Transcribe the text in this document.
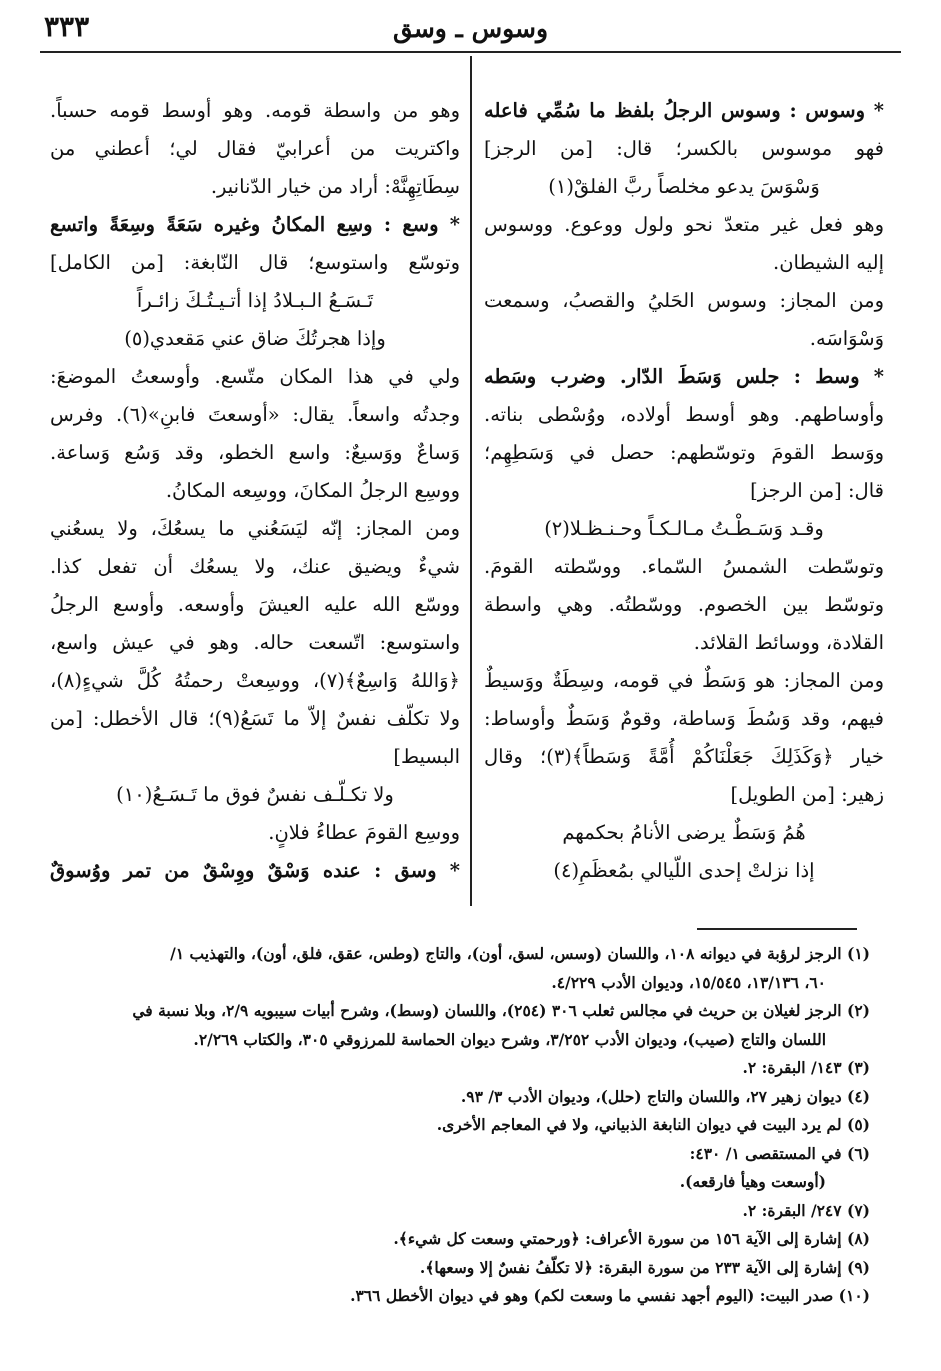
وسوس ـ وسق
٣٣٣
* وسوس : وسوس الرجلُ بلفظ ما سُمِّي فاعله
فهو موسوس بالكسر؛ قال: [من الرجز]
وَسْوَسَ يدعو مخلصاً ربَّ الفلقْ(١)
وهو فعل غير متعدّ نحو ولول ووعوع. ووسوس
إليه الشيطان.
ومن المجاز: وسوس الحَليُ والقصبُ، وسمعت
وَسْوَاسَه.
* وسط : جلس وَسَطَ الدّار. وضرب وسَطه
وأوساطهم. وهو أوسط أولاده، ووُسْطى بناته.
ووَسط القومَ وتوسّطهم: حصل في وَسَطِهِم؛
قال: [من الرجز]
وقـد وَسَـطْـتُ مـالـكـاً وحـنـظـلا(٢)
وتوسّطت الشمسُ السّماء. ووسّطته القومَ.
وتوسّط بين الخصوم. ووسّطتُه. وهي واسطة
القلادة، ووسائط القلائد.
ومن المجاز: هو وَسَطٌ في قومه، وسِطَةٌ ووَسيطٌ
فيهم، وقد وَسُطَ وَساطة، وقومٌ وَسَطٌ وأوساط:
خيار ﴿وَكَذَلِكَ جَعَلْنَاكُمْ أُمَّةً وَسَطاً﴾(٣)؛ وقال
زهير: [من الطويل]
هُمُ وَسَطٌ يرضى الأنامُ بحكمهم
إذا نزلتْ إحدى اللّيالي بمُعظَمِ(٤)
وهو من واسطة قومه. وهو أوسط قومه حسباً.
واكتريت من أعرابيّ فقال لي؛ أعطني من
سِطَاتِهِنَّهْ: أراد من خيار الدّنانير.
* وسع : وسِع المكانُ وغيره سَعَةً وسِعَةً واتسع
وتوسّع واستوسع؛ قال النّابغة: [من الكامل]
تَـسَـعُ الـبـلادُ إذا أتـيـتُـكَ زائـراً
وإذا هجرتُكَ ضاق عني مَقعدي(٥)
ولي في هذا المكان متّسع. وأوسعتُ الموضعَ:
وجدتُه واسعاً. يقال: «أوسعتَ فابنِ»(٦). وفرس
وَساعٌ ووَسيعٌ: واسع الخطو، وقد وَسُع وَساعة.
ووسِع الرجلُ المكانَ، ووسِعه المكانُ.
ومن المجاز: إنّه ليَسَعُني ما يسعُكَ، ولا يسعُني
شيءٌ ويضيق عنك، ولا يسعُك أن تفعل كذا.
ووسّع الله عليه العيشَ وأوسعه. وأوسع الرجلُ
واستوسع: اتّسعت حاله. وهو في عيش واسع،
﴿وَاللهُ وَاسِعٌ﴾(٧)، ووسِعتْ رحمتُهُ كُلَّ شيءٍ(٨)،
ولا تكلّف نفسٌ إلاّ ما تَسَعُ(٩)؛ قال الأخطل: [من
البسيط]
ولا تكـلّـف نفسٌ فوق ما تَـسَـعُ(١٠)
ووسِع القومَ عطاءُ فلانٍ.
* وسق : عنده وَسْقٌ ووِسْقٌ من تمر ووُسوقٌ
(١) الرجز لرؤبة في ديوانه ١٠٨، واللسان (وسس، لسق، أون)، والتاج (وطس، عقق، فلق، أون)، والتهذيب ١/
٦٠، ١٣/١٣٦، ١٥/٥٤٥، وديوان الأدب ٤/٢٢٩.
(٢) الرجز لغيلان بن حريث في مجالس ثعلب ٣٠٦ (٢٥٤)، واللسان (وسط)، وشرح أبيات سيبويه ٢/٩، وبلا نسبة في
اللسان والتاج (صيب)، وديوان الأدب ٣/٢٥٢، وشرح ديوان الحماسة للمرزوقي ٣٠٥، والكتاب ٢/٢٦٩.
(٣) ١٤٣/ البقرة: ٢.
(٤) ديوان زهير ٢٧، واللسان والتاج (حلل)، وديوان الأدب ٣/ ٩٣.
(٥) لم يرد البيت في ديوان النابغة الذبياني، ولا في المعاجم الأخرى.
(٦) في المستقصى ١/ ٤٣٠:
(أوسعت وهيأ فارقعه).
(٧) ٢٤٧/ البقرة: ٢.
(٨) إشارة إلى الآية ١٥٦ من سورة الأعراف: ﴿ورحمتي وسعت كل شيء﴾.
(٩) إشارة إلى الآية ٢٣٣ من سورة البقرة: ﴿لا تكلّفُ نفسٌ إلا وسعها﴾.
(١٠) صدر البيت: (اليوم أجهد نفسي ما وسعت لكم) وهو في ديوان الأخطل ٣٦٦.
